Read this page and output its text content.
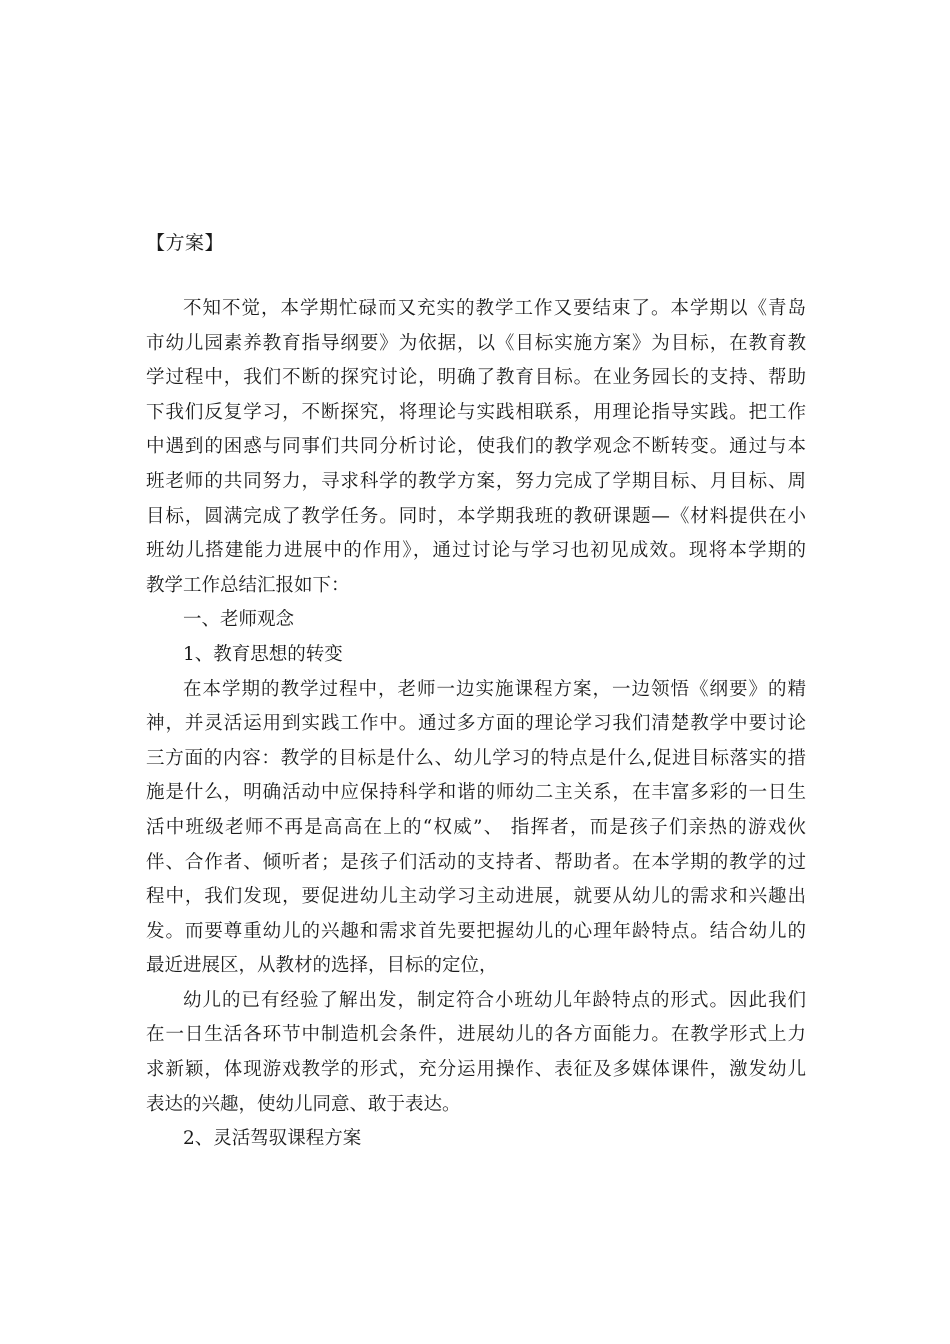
【方案】
不知不觉，本学期忙碌而又充实的教学工作又要结束了。本学期以《青岛
市幼儿园素养教育指导纲要》为依据，以《目标实施方案》为目标，在教育教
学过程中，我们不断的探究讨论，明确了教育目标。在业务园长的支持、帮助
下我们反复学习，不断探究，将理论与实践相联系，用理论指导实践。把工作
中遇到的困惑与同事们共同分析讨论，使我们的教学观念不断转变。通过与本
班老师的共同努力，寻求科学的教学方案，努力完成了学期目标、月目标、周
目标，圆满完成了教学任务。同时，本学期我班的教研课题—《材料提供在小
班幼儿搭建能力进展中的作用》，通过讨论与学习也初见成效。现将本学期的
教学工作总结汇报如下：
一、老师观念
1、教育思想的转变
在本学期的教学过程中，老师一边实施课程方案，一边领悟《纲要》的精
神，并灵活运用到实践工作中。通过多方面的理论学习我们清楚教学中要讨论
三方面的内容：教学的目标是什么、幼儿学习的特点是什么,促进目标落实的措
施是什么，明确活动中应保持科学和谐的师幼二主关系，在丰富多彩的一日生
活中班级老师不再是高高在上的“权威”、 指挥者，而是孩子们亲热的游戏伙
伴、合作者、倾听者；是孩子们活动的支持者、帮助者。在本学期的教学的过
程中，我们发现，要促进幼儿主动学习主动进展，就要从幼儿的需求和兴趣出
发。而要尊重幼儿的兴趣和需求首先要把握幼儿的心理年龄特点。结合幼儿的
最近进展区，从教材的选择，目标的定位，
幼儿的已有经验了解出发，制定符合小班幼儿年龄特点的形式。因此我们
在一日生活各环节中制造机会条件，进展幼儿的各方面能力。在教学形式上力
求新颖，体现游戏教学的形式，充分运用操作、表征及多媒体课件，激发幼儿
表达的兴趣，使幼儿同意、敢于表达。
2、灵活驾驭课程方案
